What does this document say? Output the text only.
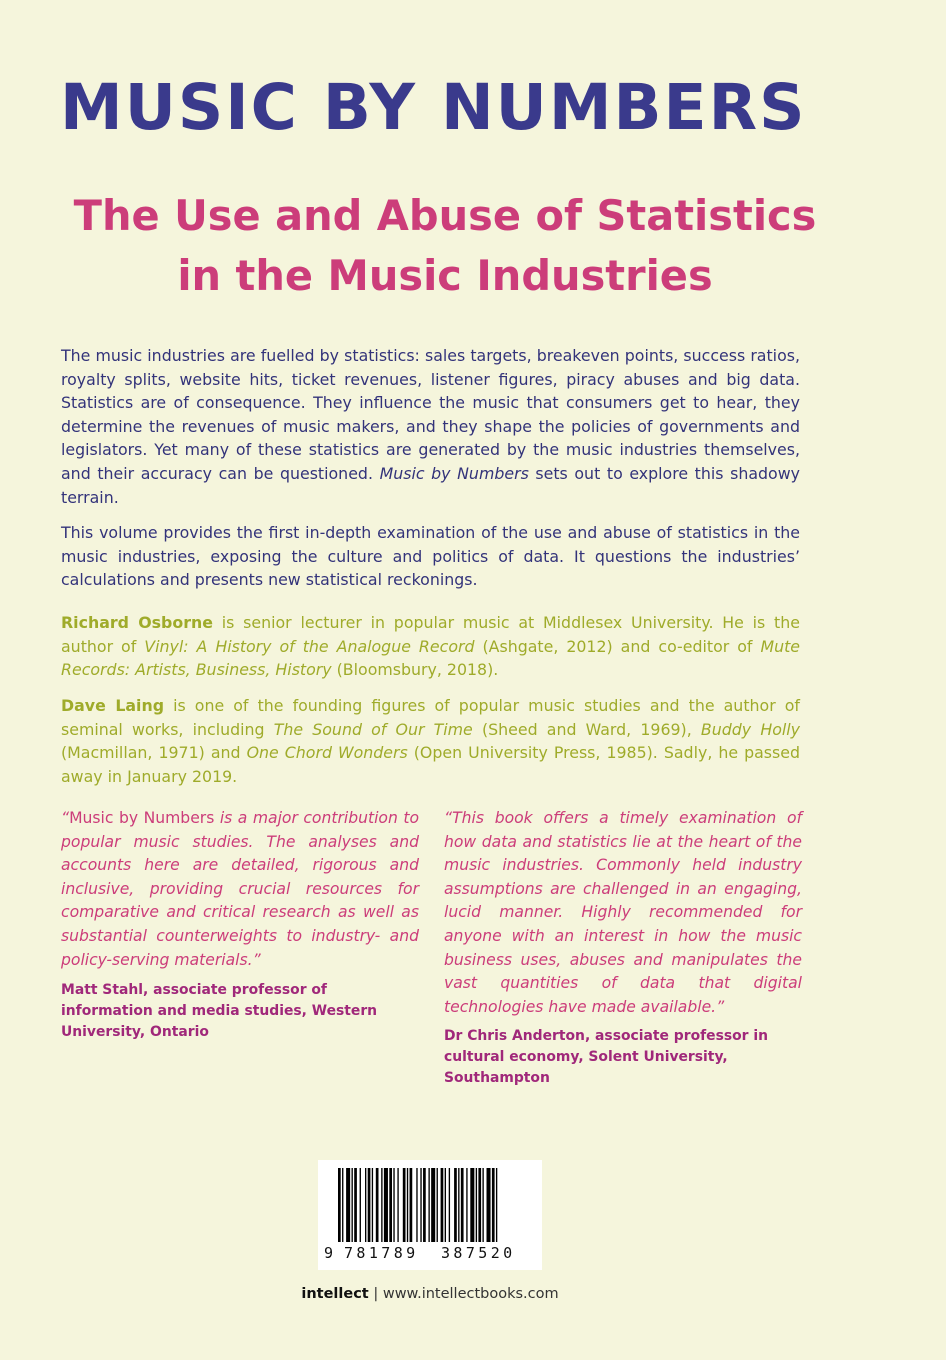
MUSIC BY NUMBERS
The Use and Abuse of Statistics
in the Music Industries

The music industries are fuelled by statistics: sales targets, breakeven points, success ratios, royalty splits, website hits, ticket revenues, listener figures, piracy abuses and big data. Statistics are of consequence. They influence the music that consumers get to hear, they determine the revenues of music makers, and they shape the policies of governments and legislators. Yet many of these statistics are generated by the music industries themselves, and their accuracy can be questioned. Music by Numbers sets out to explore this shadowy terrain.

This volume provides the first in-depth examination of the use and abuse of statistics in the music industries, exposing the culture and politics of data. It questions the industries’ calculations and presents new statistical reckonings.

Richard Osborne is senior lecturer in popular music at Middlesex University. He is the author of Vinyl: A History of the Analogue Record (Ashgate, 2012) and co-editor of Mute Records: Artists, Business, History (Bloomsbury, 2018).

Dave Laing is one of the founding figures of popular music studies and the author of seminal works, including The Sound of Our Time (Sheed and Ward, 1969), Buddy Holly (Macmillan, 1971) and One Chord Wonders (Open University Press, 1985). Sadly, he passed away in January 2019.

“Music by Numbers is a major contribution to popular music studies. The analyses and accounts here are detailed, rigorous and inclusive, providing crucial resources for comparative and critical research as well as substantial counterweights to industry- and policy-serving materials.”
Matt Stahl, associate professor of information and media studies, Western University, Ontario
“This book offers a timely examination of how data and statistics lie at the heart of the music industries. Commonly held industry assumptions are challenged in an engaging, lucid manner. Highly recommended for anyone with an interest in how the music business uses, abuses and manipulates the vast quantities of data that digital technologies have made available.”
Dr Chris Anderton, associate professor in cultural economy, Solent University, Southampton
9 781789 387520
intellect | www.intellectbooks.com
